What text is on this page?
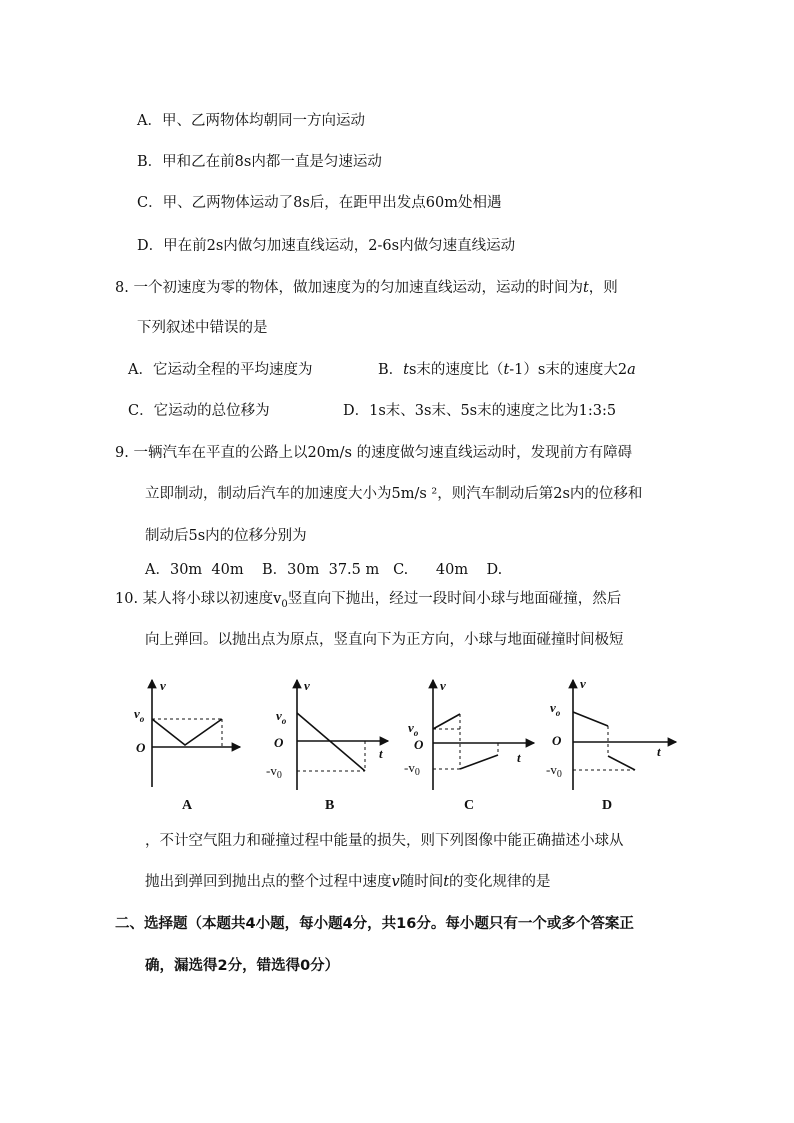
A．甲、乙两物体均朝同一方向运动
B．甲和乙在前8s内都一直是匀速运动
C．甲、乙两物体运动了8s后，在距甲出发点60m处相遇
D．甲在前2s内做匀加速直线运动，2-6s内做匀速直线运动
8. 一个初速度为零的物体，做加速度为的匀加速直线运动，运动的时间为t，则
下列叙述中错误的是
A．它运动全程的平均速度为	B．ts末的速度比（t-1）s末的速度大2a
C．它运动的总位移为	D．1s末、3s末、5s末的速度之比为1:3:5
9. 一辆汽车在平直的公路上以20m/s 的速度做匀速直线运动时，发现前方有障碍
立即制动，制动后汽车的加速度大小为5m/s ²，则汽车制动后第2s内的位移和
制动后5s内的位移分别为
A．30m  40m    B．30m  37.5 m   C.      40m    D.
10. 某人将小球以初速度$v_0$竖直向下抛出，经过一段时间小球与地面碰撞，然后
向上弹回。以抛出点为原点，竖直向下为正方向，小球与地面碰撞时间极短
v
O
$v_o$
A
v
t
O
$v_o$
$-v_0$
B
v
t
O
$v_o$
$-v_0$
C
v
t
O
$v_o$
$-v_0$
D
，不计空气阻力和碰撞过程中能量的损失，则下列图像中能正确描述小球从
抛出到弹回到抛出点的整个过程中速度v随时间t的变化规律的是
二、选择题（本题共4小题，每小题4分，共16分。每小题只有一个或多个答案正
确，漏选得2分，错选得0分）
